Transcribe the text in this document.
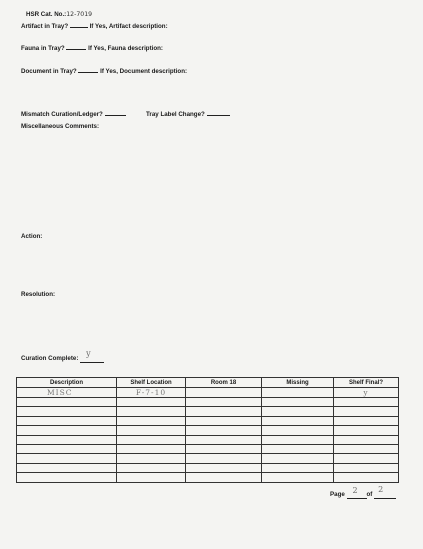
HSR Cat. No.:12-7019
Artifact in Tray?	If Yes, Artifact description:
Fauna in Tray?	If Yes, Fauna description:
Document in Tray?	If Yes, Document description:
Mismatch Curation/Ledger?	Tray Label Change?
Miscellaneous Comments:
Action:
Resolution:
Curation Complete:
y

Description	Shelf Location	Room 18	Missing	Shelf Final?
MISC	F-7-10			y

Page 2 of
2
